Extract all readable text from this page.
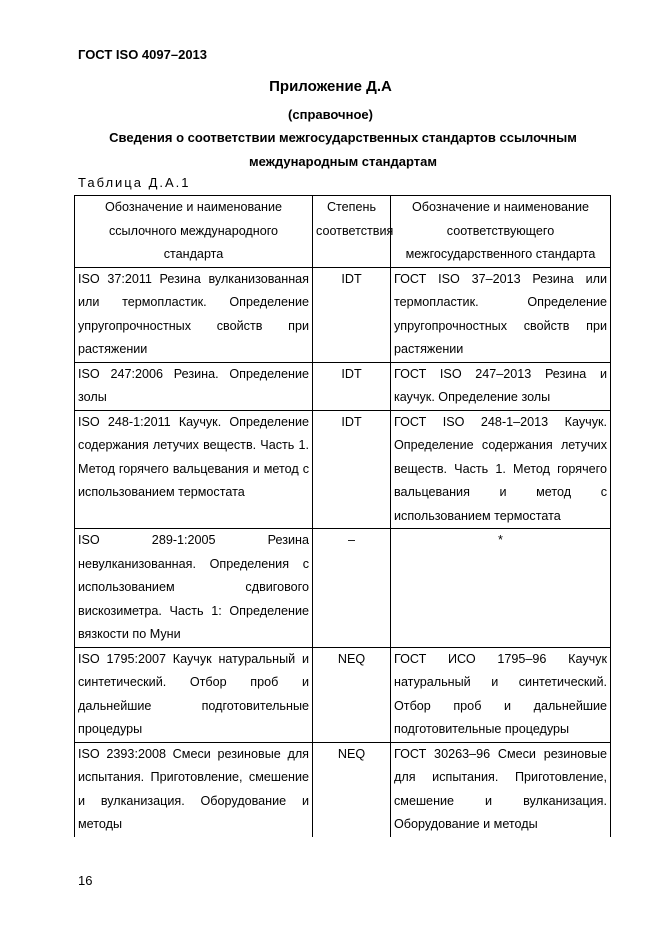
ГОСТ ISO 4097–2013
Приложение Д.А
(справочное)
Сведения о соответствии межгосударственных стандартов ссылочным международным стандартам
Таблица Д.А.1
Обозначение и наименование ссылочного международного стандарта	Степень соответствия	Обозначение и наименование соответствующего межгосударственного стандарта
ISO 37:2011 Резина вулканизованная или термопластик. Определение упругопрочностных свойств при растяжении	IDT	ГОСТ ISO 37–2013 Резина или термопластик. Определение упругопрочностных свойств при растяжении
ISO 247:2006 Резина. Определение золы	IDT	ГОСТ ISO 247–2013 Резина и каучук. Определение золы
ISO 248-1:2011 Каучук. Определение содержания летучих веществ. Часть 1. Метод горячего вальцевания и метод с использованием термостата	IDT	ГОСТ ISO 248-1–2013 Каучук. Определение содержания летучих веществ. Часть 1. Метод горячего вальцевания и метод с использованием термостата
ISO 289-1:2005 Резина невулканизованная. Определения с использованием сдвигового вискозиметра. Часть 1: Определение вязкости по Муни	–	*
ISO 1795:2007 Каучук натуральный и синтетический. Отбор проб и дальнейшие подготовительные процедуры	NEQ	ГОСТ ИСО 1795–96 Каучук натуральный и синтетический. Отбор проб и дальнейшие подготовительные процедуры
ISO 2393:2008 Смеси резиновые для испытания. Приготовление, смешение и вулканизация. Оборудование и методы	NEQ	ГОСТ 30263–96 Смеси резиновые для испытания. Приготовление, смешение и вулканизация. Оборудование и методы
16
